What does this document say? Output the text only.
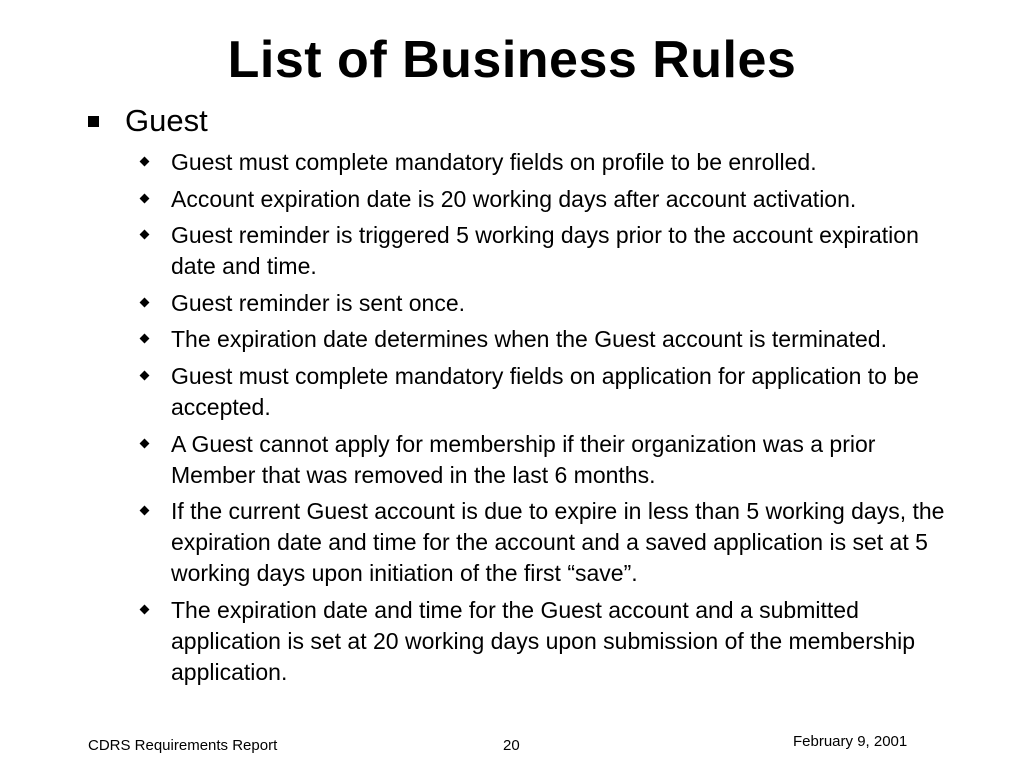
List of Business Rules
Guest
Guest must complete mandatory fields on profile to be enrolled.
Account expiration date is 20 working days after account activation.
Guest reminder is triggered 5 working days prior to the account expiration date and time.
Guest reminder is sent once.
The expiration date determines when the Guest account is terminated.
Guest must complete mandatory fields on application for application to be accepted.
A Guest cannot apply for membership if their organization was a prior Member that was removed in the last 6 months.
If the current Guest account is due to expire in less than 5 working days, the expiration date and time for the account and a saved application is set at 5 working days upon initiation of the first “save”.
The expiration date and time for the Guest account and a submitted application is set at 20 working days upon submission of the membership application.
CDRS Requirements Report	20	February 9, 2001
